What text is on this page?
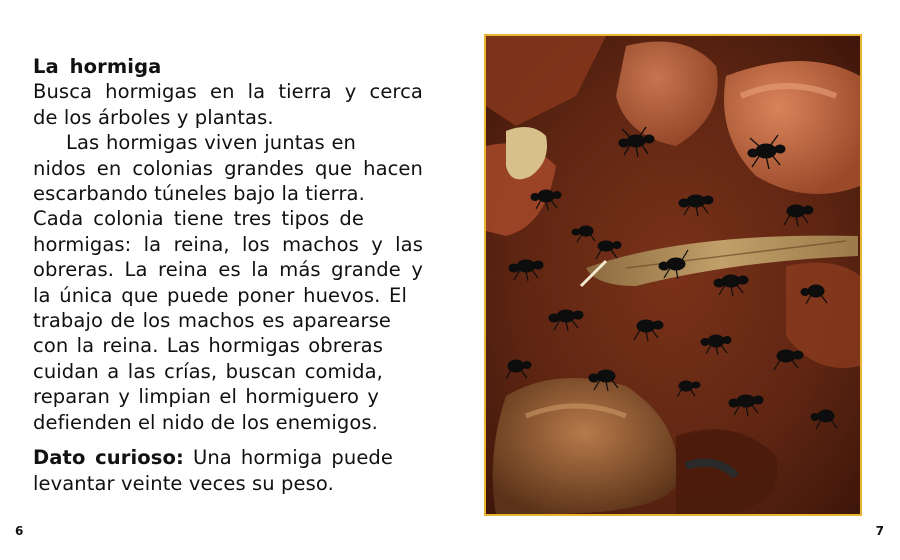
La hormiga
Busca hormigas en la tierra y cerca
de los árboles y plantas.
Las hormigas viven juntas en
nidos en colonias grandes que hacen
escarbando túneles bajo la tierra.
Cada colonia tiene tres tipos de
hormigas: la reina, los machos y las
obreras. La reina es la más grande y
la única que puede poner huevos. El
trabajo de los machos es aparearse
con la reina. Las hormigas obreras
cuidan a las crías, buscan comida,
reparan y limpian el hormiguero y
defienden el nido de los enemigos.
Dato curioso: Una hormiga puede
levantar veinte veces su peso.
6	7
